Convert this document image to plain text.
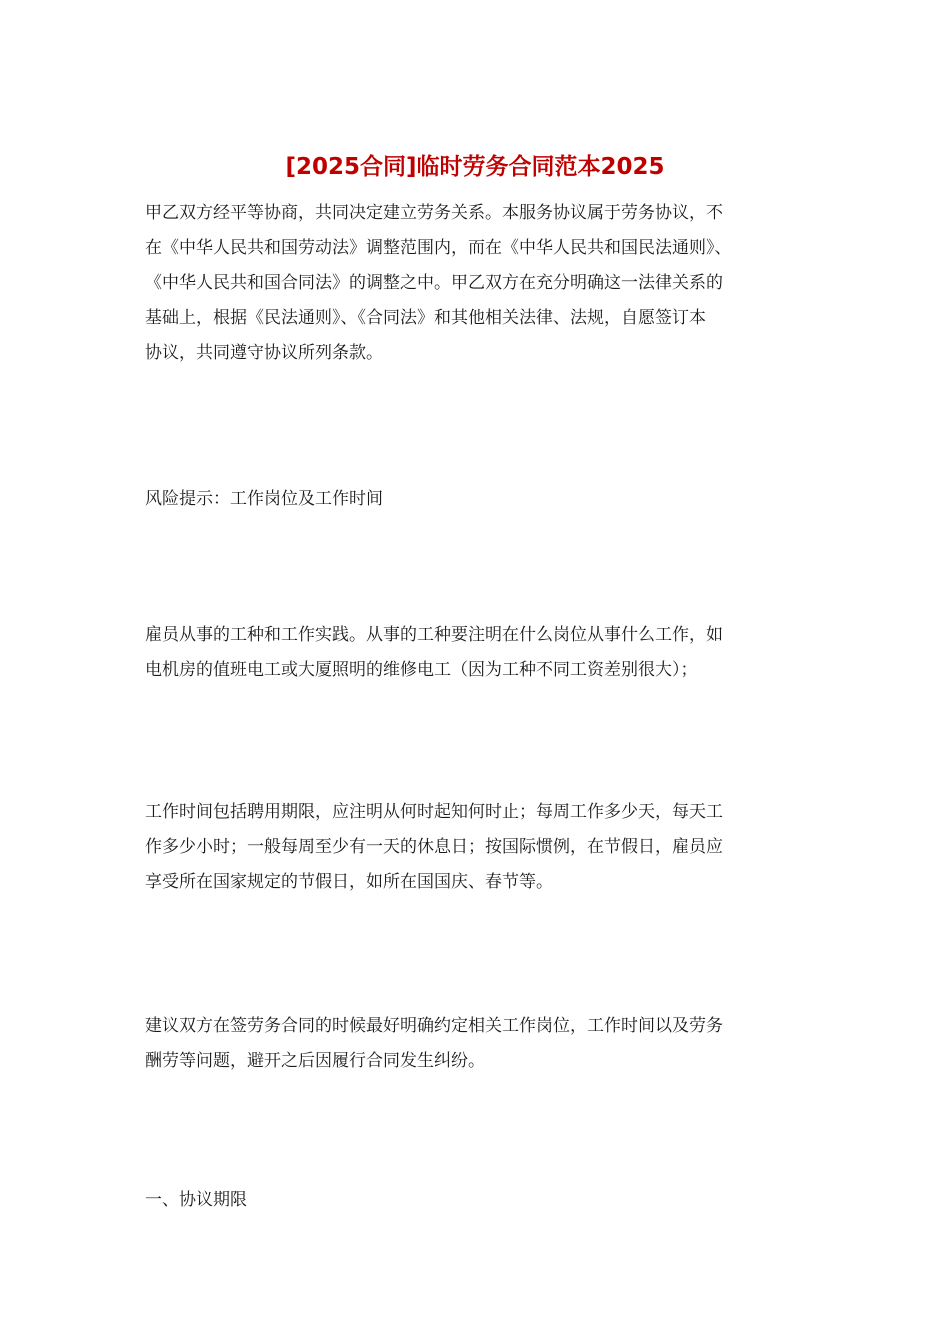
[2025合同]临时劳务合同范本2025

甲乙双方经平等协商，共同决定建立劳务关系。本服务协议属于劳务协议，不
在《中华人民共和国劳动法》调整范围内，而在《中华人民共和国民法通则》、
《中华人民共和国合同法》的调整之中。甲乙双方在充分明确这一法律关系的
基础上，根据《民法通则》、《合同法》和其他相关法律、法规，自愿签订本
协议，共同遵守协议所列条款。

风险提示：工作岗位及工作时间

雇员从事的工种和工作实践。从事的工种要注明在什么岗位从事什么工作，如
电机房的值班电工或大厦照明的维修电工（因为工种不同工资差别很大）；

工作时间包括聘用期限，应注明从何时起知何时止；每周工作多少天，每天工
作多少小时；一般每周至少有一天的休息日；按国际惯例，在节假日，雇员应
享受所在国家规定的节假日，如所在国国庆、春节等。

建议双方在签劳务合同的时候最好明确约定相关工作岗位，工作时间以及劳务
酬劳等问题，避开之后因履行合同发生纠纷。

一、协议期限
